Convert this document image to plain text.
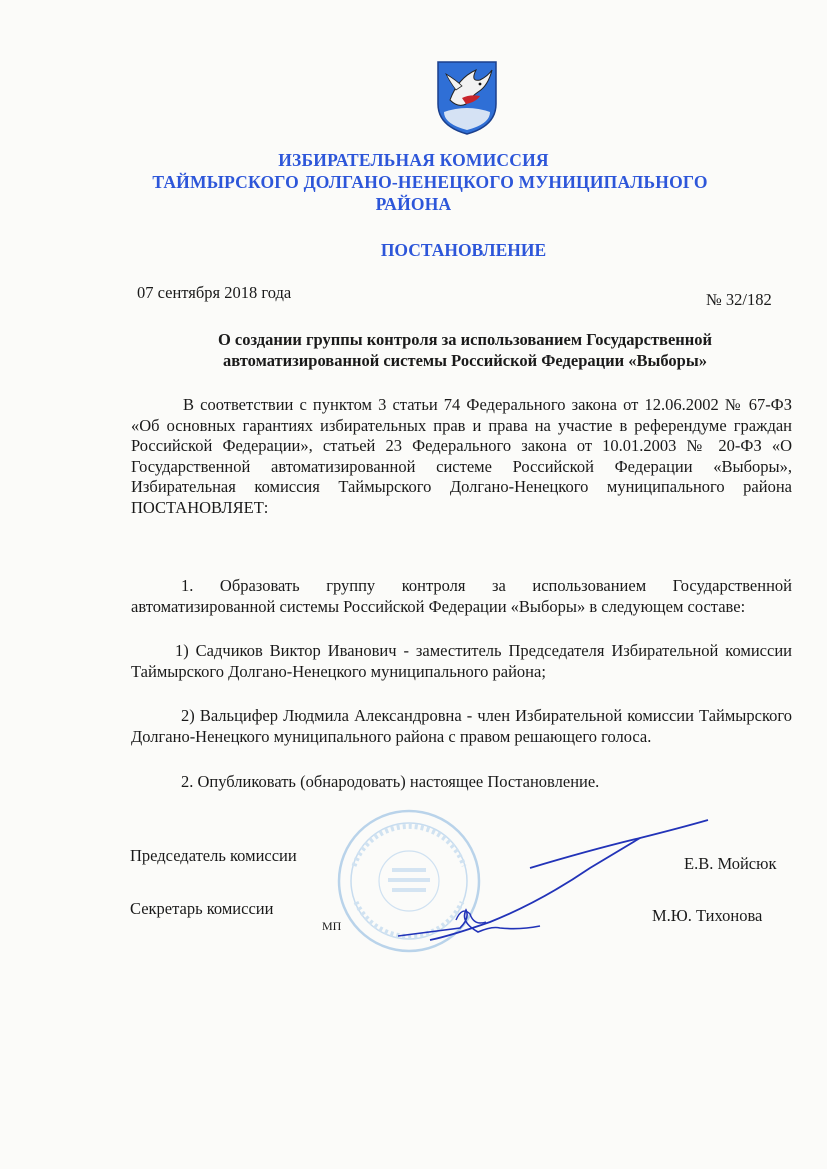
ИЗБИРАТЕЛЬНАЯ КОМИССИЯ
ТАЙМЫРСКОГО ДОЛГАНО-НЕНЕЦКОГО МУНИЦИПАЛЬНОГО
РАЙОНА
ПОСТАНОВЛЕНИЕ
07 сентября 2018 года	№ 32/182
О создании группы контроля за использованием Государственной
автоматизированной системы Российской Федерации «Выборы»
В соответствии с пунктом 3 статьи 74 Федерального закона от 12.06.2002 № 67-ФЗ «Об основных гарантиях избирательных прав и права на участие в референдуме граждан Российской Федерации», статьей 23 Федерального закона от 10.01.2003 № 20-ФЗ «О Государственной автоматизированной системе Российской Федерации «Выборы», Избирательная комиссия Таймырского Долгано-Ненецкого муниципального района ПОСТАНОВЛЯЕТ:
1. Образовать группу контроля за использованием Государственной автоматизированной системы Российской Федерации «Выборы» в следующем составе:
1) Садчиков Виктор Иванович - заместитель Председателя Избирательной комиссии Таймырского Долгано-Ненецкого муниципального района;
2) Вальцифер Людмила Александровна - член Избирательной комиссии Таймырского Долгано-Ненецкого муниципального района с правом решающего голоса.
2. Опубликовать (обнародовать) настоящее Постановление.
Председатель комиссии	Е.В. Мойсюк
Секретарь комиссии	М.Ю. Тихонова
МП
